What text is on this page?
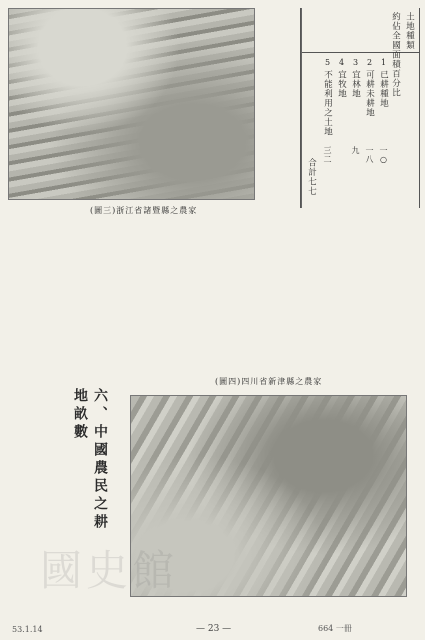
土地種類
約佔全國面積百分比
1
已耕種地
一○
2
可耕未耕地
一八
3
宜林地
九
4
宜牧地
5
不能利用之土地
三二
合計七七
(圖三)浙江省諸暨縣之農家
(圖四)四川省新津縣之農家
六、中國農民之耕地畝數
國史館
53.1.14	— 23 —	664 一冊
